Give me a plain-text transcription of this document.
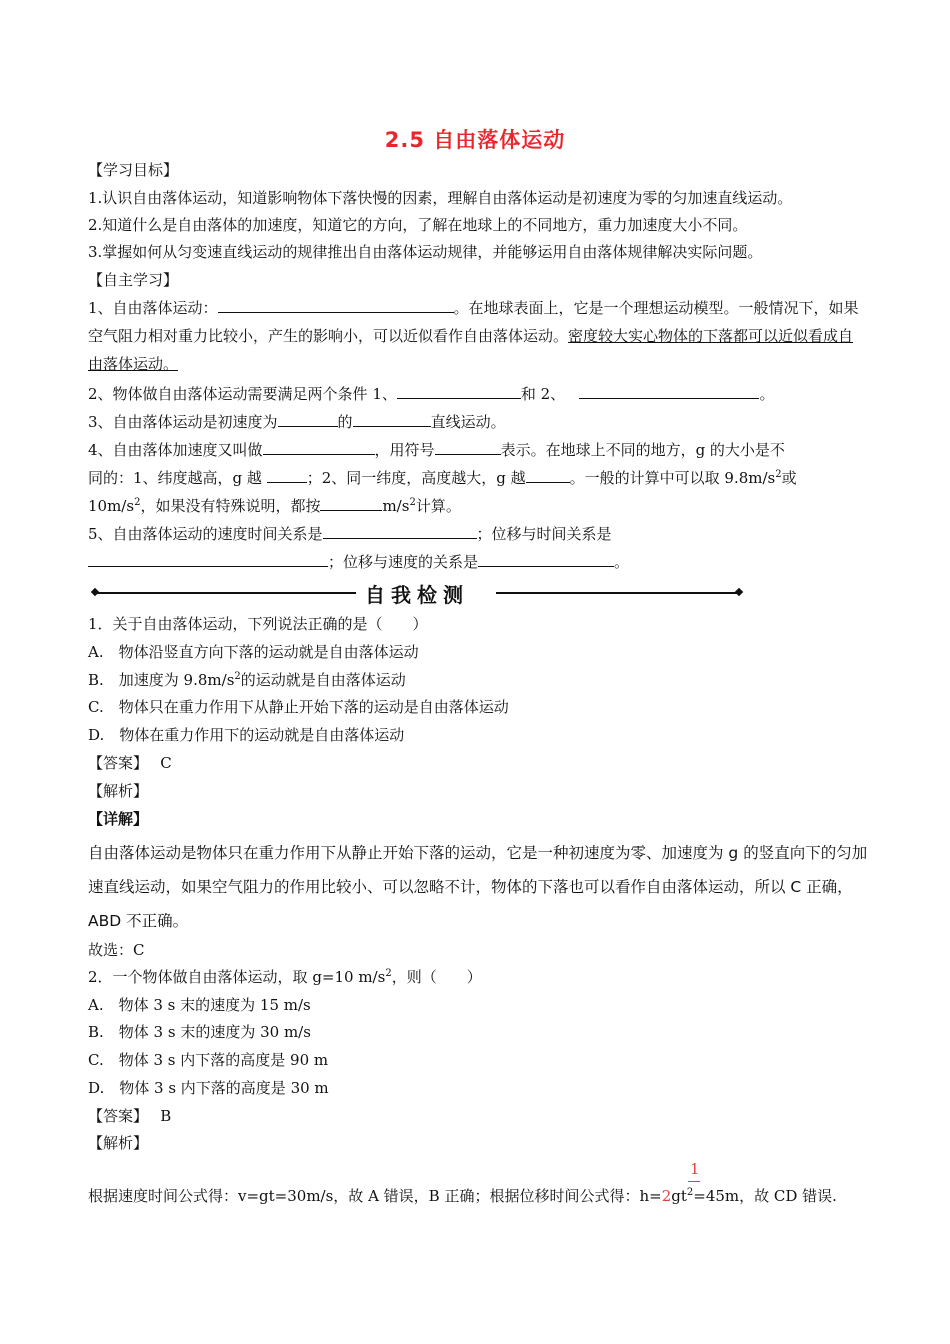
2.5 自由落体运动
【学习目标】
1.认识自由落体运动，知道影响物体下落快慢的因素，理解自由落体运动是初速度为零的匀加速直线运动。
2.知道什么是自由落体的加速度，知道它的方向，了解在地球上的不同地方，重力加速度大小不同。
3.掌握如何从匀变速直线运动的规律推出自由落体运动规律，并能够运用自由落体规律解决实际问题。
【自主学习】
1、自由落体运动：	。在地球表面上，它是一个理想运动模型。一般情况下，如果空气阻力相对重力比较小，产生的影响小，可以近似看作自由落体运动。密度较大实心物体的下落都可以近似看成自由落体运动。
2、物体做自由落体运动需要满足两个条件 1、	和 2、	。
3、自由落体运动是初速度为	的	直线运动。
4、自由落体加速度又叫做	，用符号	表示。在地球上不同的地方，g 的大小是不
同的：1、纬度越高，g 越	；2、同一纬度，高度越大，g 越	。一般的计算中可以取 $9.8m/s^2$或
$10m/s^2$，如果没有特殊说明，都按	$m/s^2$计算。
5、自由落体运动的速度时间关系是	；位移与时间关系是
；位移与速度的关系是	。
自我检测
1．关于自由落体运动，下列说法正确的是（　　）
A.　物体沿竖直方向下落的运动就是自由落体运动
B.　加速度为 $9.8m/s^2$的运动就是自由落体运动
C.　物体只在重力作用下从静止开始下落的运动是自由落体运动
D.　物体在重力作用下的运动就是自由落体运动
【答案】　 C
【解析】
【详解】
自由落体运动是物体只在重力作用下从静止开始下落的运动，它是一种初速度为零、加速度为 g 的竖直向下的匀加速直线运动，如果空气阻力的作用比较小、可以忽略不计，物体的下落也可以看作自由落体运动，所以 C 正确，ABD 不正确。
故选：C
2．一个物体做自由落体运动，取 g=10 $m/s^2$，则（　　）
A.　物体 3 s 末的速度为 15 m/s
B.　物体 3 s 末的速度为 30 m/s
C.　物体 3 s 内下落的高度是 90 m
D.　物体 3 s 内下落的高度是 30 m
【答案】　 B
【解析】
1
根据速度时间公式得：v=gt=30m/s，故 A 错误，B 正确；根据位移时间公式得：$h=2gt^2=45m$，故 CD 错误.
